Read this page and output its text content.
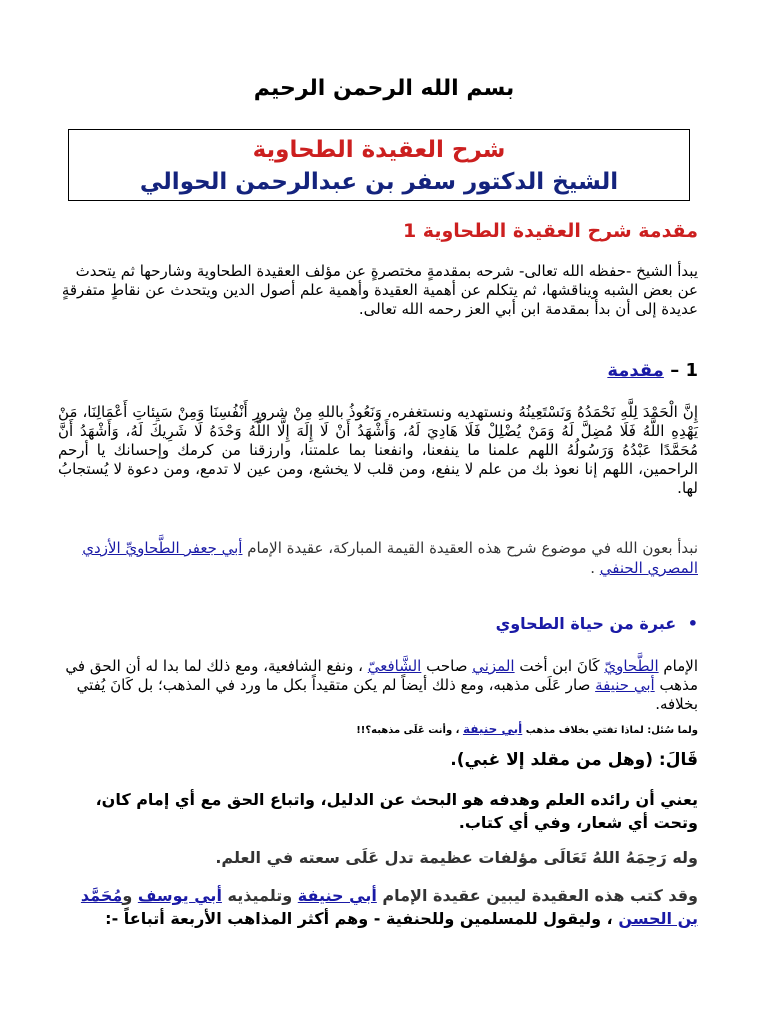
بسم الله الرحمن الرحيم
شرح العقيدة الطحاوية
الشيخ الدكتور سفر بن عبدالرحمن الحوالي
مقدمة شرح العقيدة الطحاوية 1
يبدأ الشيخ -حفظه الله تعالى- شرحه بمقدمةٍ مختصرةٍ عن مؤلف العقيدة الطحاوية وشارحها ثم يتحدث عن بعض الشبه ويناقشها، ثم يتكلم عن أهمية العقيدة وأهمية علم أصول الدين ويتحدث عن نقاطٍ متفرقةٍ عديدة إلى أن بدأ بمقدمة ابن أبي العز رحمه الله تعالى.
1 – مقدمة
إِنَّ الْحَمْدَ لِلَّهِ نَحْمَدُهُ وَنَسْتَعِينُهُ ونستهديه ونستغفره، وَنَعُوذُ باللهِ مِنْ شرورِ أَنْفُسِنَا وَمِنْ سَيِئاتِ أَعْمَالِنَا، مَنْ يَهْدِهِ اللَّهُ فَلَا مُضِلَّ لَهُ وَمَنْ يُضْلِلْ فَلَا هَادِيَ لَهُ، وَأَشْهَدُ أَنْ لَا إِلَهَ إِلَّا اللَّهُ وَحْدَهُ لَا شَرِيكَ لَهُ، وَأَشْهَدُ أَنَّ مُحَمَّدًا عَبْدُهُ وَرَسُولُهُ اللهم علمنا ما ينفعنا، وانفعنا بما علمتنا، وارزقنا من كرمك وإحسانك يا أرحم الراحمين، اللهم إنا نعوذ بك من علم لا ينفع، ومن قلب لا يخشع، ومن عين لا تدمع، ومن دعوة لا يُستجابُ لها.
نبدأ بعون الله في موضوع شرح هذه العقيدة القيمة المباركة، عقيدة الإمام أبي جعفر الطَّحاويِّ الأزدي المصري الحنفي .
• عبرة من حياة الطحاوي
الإمام الطَّحاويّ كَانَ ابن أخت المزني صاحب الشَّافعيّ ، ونفع الشافعية، ومع ذلك لما بدا له أن الحق في مذهب أبي حنيفة صار عَلَى مذهبه، ومع ذلك أيضاً لم يكن متقيداً بكل ما ورد في المذهب؛ بل كَانَ يُفتي بخلافه.
ولما سُئل: لماذا تفتي بخلاف مذهب أبي حنيفة ، وأنت عَلَى مذهبه؟!!
قَالَ: (وهل من مقلد إلا غبي).
يعني أن رائده العلم وهدفه هو البحث عن الدليل، واتباع الحق مع أي إمام كان، وتحت أي شعار، وفي أي كتاب.
وله رَحِمَهُ اللهُ تَعَالَى مؤلفات عظيمة تدل عَلَى سعته في العلم.
وقد كتب هذه العقيدة ليبين عقيدة الإمام أبي حنيفة وتلميذيه أبي يوسف ومُحَمَّد بن الحسن ، وليقول للمسلمين وللحنفية - وهم أكثر المذاهب الأربعة أتباعاً -:
